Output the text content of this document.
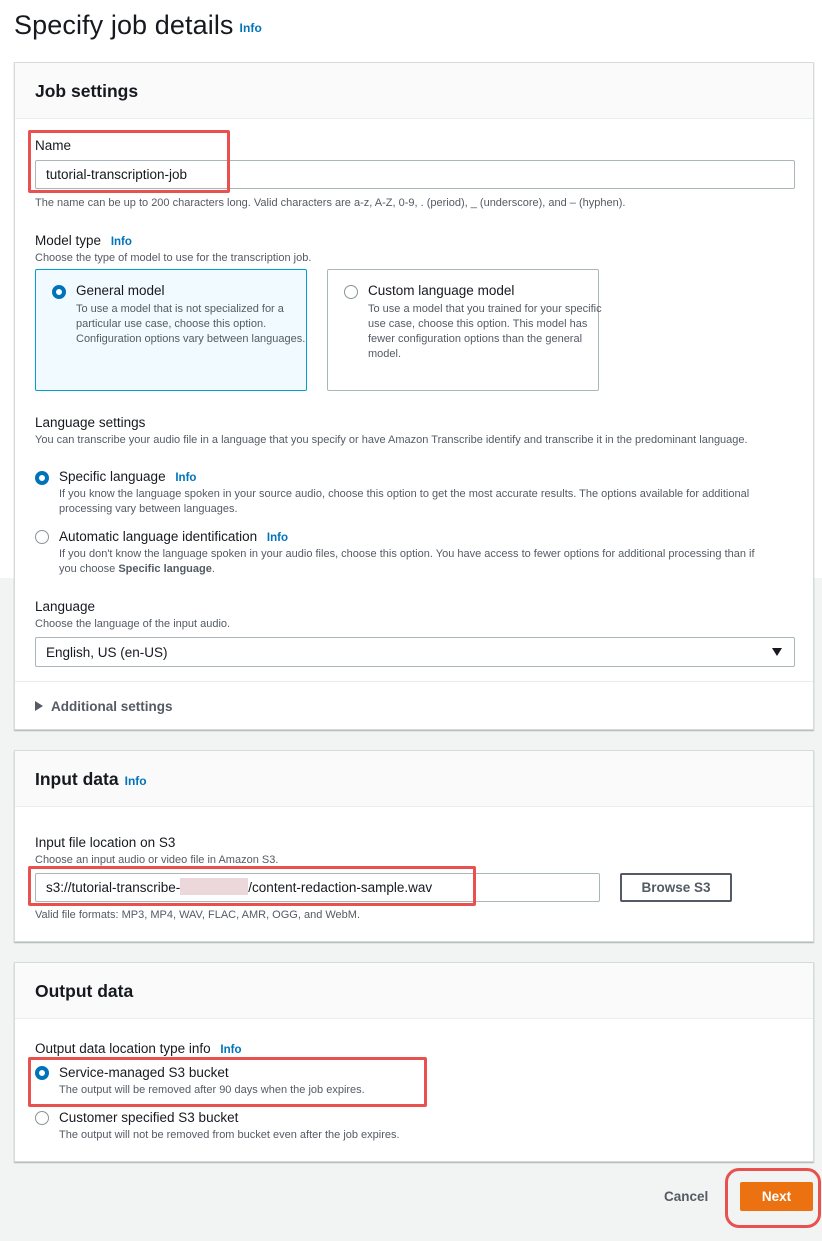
Specify job details Info
Job settings
Name
tutorial-transcription-job
The name can be up to 200 characters long. Valid characters are a-z, A-Z, 0-9, . (period), _ (underscore), and – (hyphen).
Model type Info
Choose the type of model to use for the transcription job.
General model
To use a model that is not specialized for a particular use case, choose this option. Configuration options vary between languages.
Custom language model
To use a model that you trained for your specific use case, choose this option. This model has fewer configuration options than the general model.
Language settings
You can transcribe your audio file in a language that you specify or have Amazon Transcribe identify and transcribe it in the predominant language.
Specific language Info
If you know the language spoken in your source audio, choose this option to get the most accurate results. The options available for additional processing vary between languages.
Automatic language identification Info
If you don't know the language spoken in your audio files, choose this option. You have access to fewer options for additional processing than if you choose Specific language.
Language
Choose the language of the input audio.
English, US (en-US)
Additional settings
Input data Info
Input file location on S3
Choose an input audio or video file in Amazon S3.
s3://tutorial-transcribe-	/content-redaction-sample.wav	Browse S3
Valid file formats: MP3, MP4, WAV, FLAC, AMR, OGG, and WebM.
Output data
Output data location type info Info
Service-managed S3 bucket
The output will be removed after 90 days when the job expires.
Customer specified S3 bucket
The output will not be removed from bucket even after the job expires.
Cancel	Next
